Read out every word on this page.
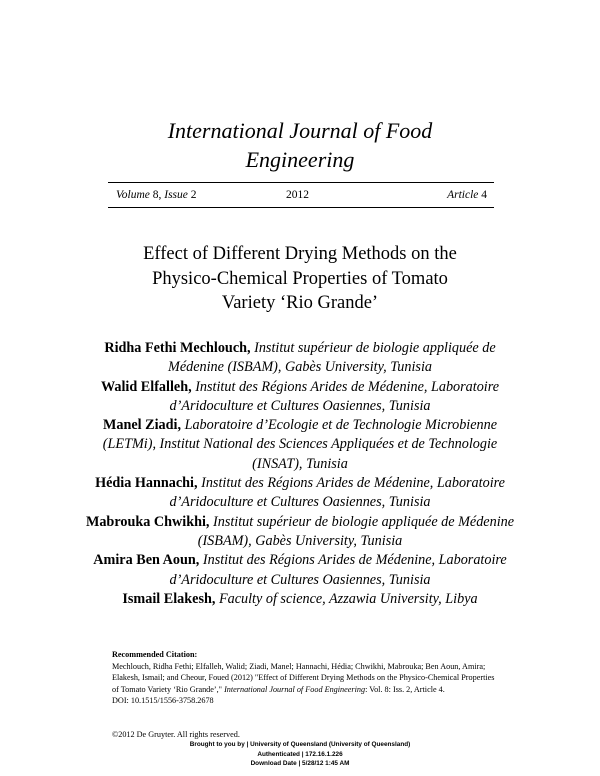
International Journal of Food
Engineering
Volume 8, Issue 2	2012	Article 4
Effect of Different Drying Methods on the
Physico-Chemical Properties of Tomato
Variety ‘Rio Grande’
Ridha Fethi Mechlouch, Institut supérieur de biologie appliquée de Médenine (ISBAM), Gabès University, Tunisia
Walid Elfalleh, Institut des Régions Arides de Médenine, Laboratoire d’Aridoculture et Cultures Oasiennes, Tunisia
Manel Ziadi, Laboratoire d’Ecologie et de Technologie Microbienne (LETMi), Institut National des Sciences Appliquées et de Technologie (INSAT), Tunisia
Hédia Hannachi, Institut des Régions Arides de Médenine, Laboratoire d’Aridoculture et Cultures Oasiennes, Tunisia
Mabrouka Chwikhi, Institut supérieur de biologie appliquée de Médenine (ISBAM), Gabès University, Tunisia
Amira Ben Aoun, Institut des Régions Arides de Médenine, Laboratoire d’Aridoculture et Cultures Oasiennes, Tunisia
Ismail Elakesh, Faculty of science, Azzawia University, Libya
Recommended Citation:
Mechlouch, Ridha Fethi; Elfalleh, Walid; Ziadi, Manel; Hannachi, Hédia; Chwikhi, Mabrouka; Ben Aoun, Amira; Elakesh, Ismail; and Cheour, Foued (2012) "Effect of Different Drying Methods on the Physico-Chemical Properties of Tomato Variety ‘Rio Grande’," International Journal of Food Engineering: Vol. 8: Iss. 2, Article 4.
DOI: 10.1515/1556-3758.2678
©2012 De Gruyter. All rights reserved.
Brought to you by | University of Queensland (University of Queensland)
Authenticated | 172.16.1.226
Download Date | 5/28/12 1:45 AM
